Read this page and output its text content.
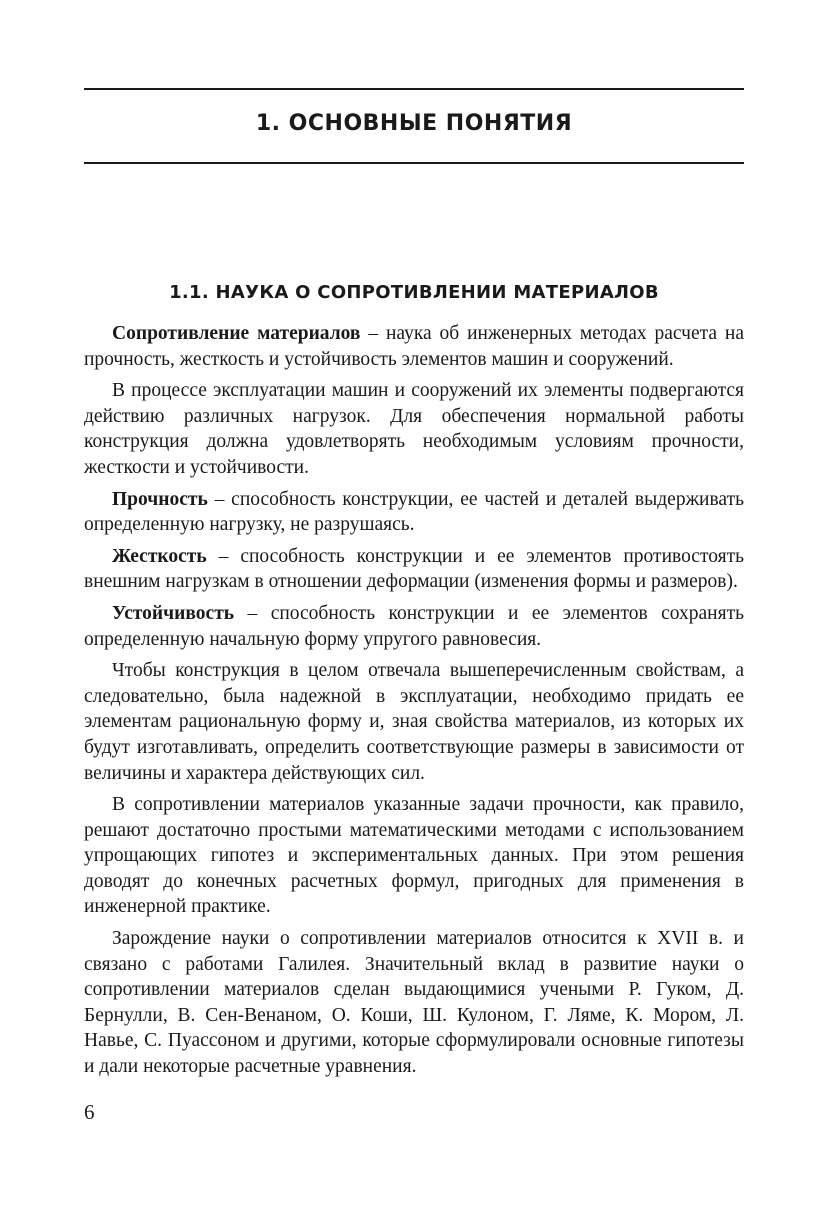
1. ОСНОВНЫЕ ПОНЯТИЯ
1.1. НАУКА О СОПРОТИВЛЕНИИ МАТЕРИАЛОВ

Сопротивление материалов – наука об инженерных методах расчета на прочность, жесткость и устойчивость элементов машин и сооружений.

В процессе эксплуатации машин и сооружений их элементы подвергаются действию различных нагрузок. Для обеспечения нормальной работы конструкция должна удовлетворять необходимым условиям прочности, жесткости и устойчивости.

Прочность – способность конструкции, ее частей и деталей выдерживать определенную нагрузку, не разрушаясь.

Жесткость – способность конструкции и ее элементов противостоять внешним нагрузкам в отношении деформации (изменения формы и размеров).

Устойчивость – способность конструкции и ее элементов сохранять определенную начальную форму упругого равновесия.

Чтобы конструкция в целом отвечала вышеперечисленным свойствам, а следовательно, была надежной в эксплуатации, необходимо придать ее элементам рациональную форму и, зная свойства материалов, из которых их будут изготавливать, определить соответствующие размеры в зависимости от величины и характера действующих сил.

В сопротивлении материалов указанные задачи прочности, как правило, решают достаточно простыми математическими методами с использованием упрощающих гипотез и экспериментальных данных. При этом решения доводят до конечных расчетных формул, пригодных для применения в инженерной практике.

Зарождение науки о сопротивлении материалов относится к XVII в. и связано с работами Галилея. Значительный вклад в развитие науки о сопротивлении материалов сделан выдающимися учеными Р. Гуком, Д. Бернулли, В. Сен-Венаном, О. Коши, Ш. Кулоном, Г. Ляме, К. Мором, Л. Навье, С. Пуассоном и другими, которые сформулировали основные гипотезы и дали некоторые расчетные уравнения.

6
